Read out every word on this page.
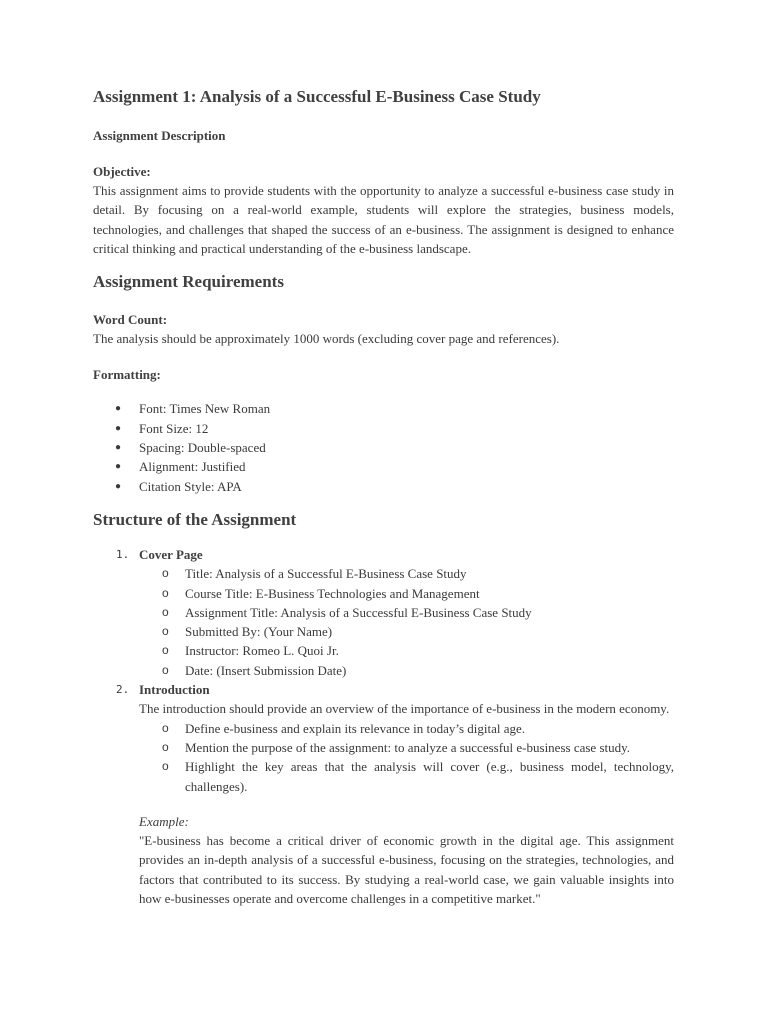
Assignment 1: Analysis of a Successful E-Business Case Study
Assignment Description
Objective:

This assignment aims to provide students with the opportunity to analyze a successful e-business case study in detail. By focusing on a real-world example, students will explore the strategies, business models, technologies, and challenges that shaped the success of an e-business. The assignment is designed to enhance critical thinking and practical understanding of the e-business landscape.

Assignment Requirements
Word Count:

The analysis should be approximately 1000 words (excluding cover page and references).

Formatting:
● Font: Times New Roman
● Font Size: 12
● Spacing: Double-spaced
● Alignment: Justified
● Citation Style: APA
Structure of the Assignment
1. Cover Page
o Title: Analysis of a Successful E-Business Case Study
o Course Title: E-Business Technologies and Management
o Assignment Title: Analysis of a Successful E-Business Case Study
o Submitted By: (Your Name)
o Instructor: Romeo L. Quoi Jr.
o Date: (Insert Submission Date)
2. Introduction

The introduction should provide an overview of the importance of e-business in the modern economy.

o Define e-business and explain its relevance in today’s digital age.
o Mention the purpose of the assignment: to analyze a successful e-business case study.
o Highlight the key areas that the analysis will cover (e.g., business model, technology, challenges).
Example:

"E-business has become a critical driver of economic growth in the digital age. This assignment provides an in-depth analysis of a successful e-business, focusing on the strategies, technologies, and factors that contributed to its success. By studying a real-world case, we gain valuable insights into how e-businesses operate and overcome challenges in a competitive market."
